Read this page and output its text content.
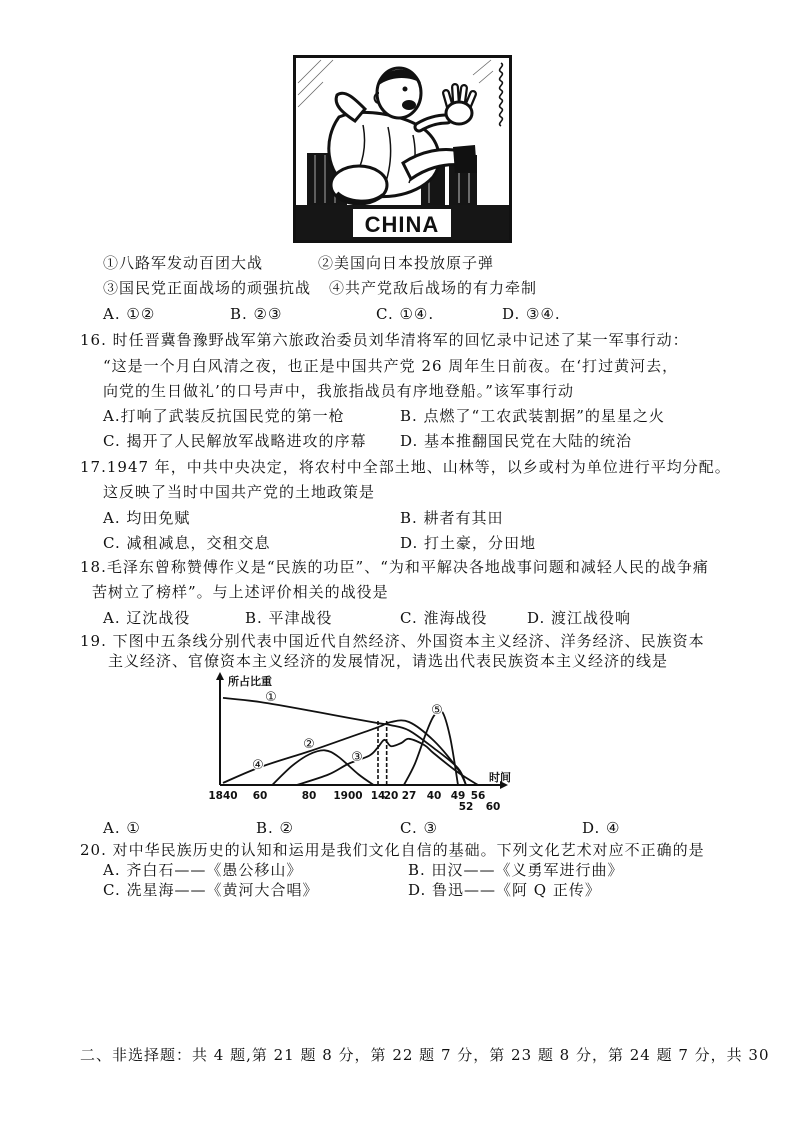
CHINA
①八路军发动百团大战	②美国向日本投放原子弹
③国民党正面战场的顽强抗战 ④共产党敌后战场的有力牵制
A. ①②	B. ②③	C. ①④.	D. ③④.
16. 时任晋冀鲁豫野战军第六旅政治委员刘华清将军的回忆录中记述了某一军事行动：
“这是一个月白风清之夜，也正是中国共产党 26 周年生日前夜。在‘打过黄河去，
向党的生日做礼’的口号声中，我旅指战员有序地登船。”该军事行动
A.打响了武装反抗国民党的第一枪	B. 点燃了“工农武装割据”的星星之火
C. 揭开了人民解放军战略进攻的序幕 D. 基本推翻国民党在大陆的统治
17.1947 年，中共中央决定，将农村中全部土地、山林等，以乡或村为单位进行平均分配。
这反映了当时中国共产党的土地政策是
A. 均田免赋	B. 耕者有其田
C. 减租减息，交租交息	D. 打土豪，分田地
18.毛泽东曾称赞傅作义是“民族的功臣”、“为和平解决各地战事问题和减轻人民的战争痛
苦树立了榜样”。与上述评价相关的战役是
A. 辽沈战役	B. 平津战役	C. 淮海战役	D. 渡江战役响
19. 下图中五条线分别代表中国近代自然经济、外国资本主义经济、洋务经济、民族资本
主义经济、官僚资本主义经济的发展情况，请选出代表民族资本主义经济的线是
所占比重
时间
1840 60	80 1900 14
20 27 40 49 56
52 60
①
②
③
④
⑤
A. ①	B. ②	C. ③	D. ④
20. 对中华民族历史的认知和运用是我们文化自信的基础。下列文化艺术对应不正确的是
A. 齐白石——《愚公移山》	B. 田汉——《义勇军进行曲》
C. 冼星海——《黄河大合唱》	D. 鲁迅——《阿 Q 正传》
二、非选择题：共 4 题,第 21 题 8 分，第 22 题 7 分，第 23 题 8 分，第 24 题 7 分，共 30
